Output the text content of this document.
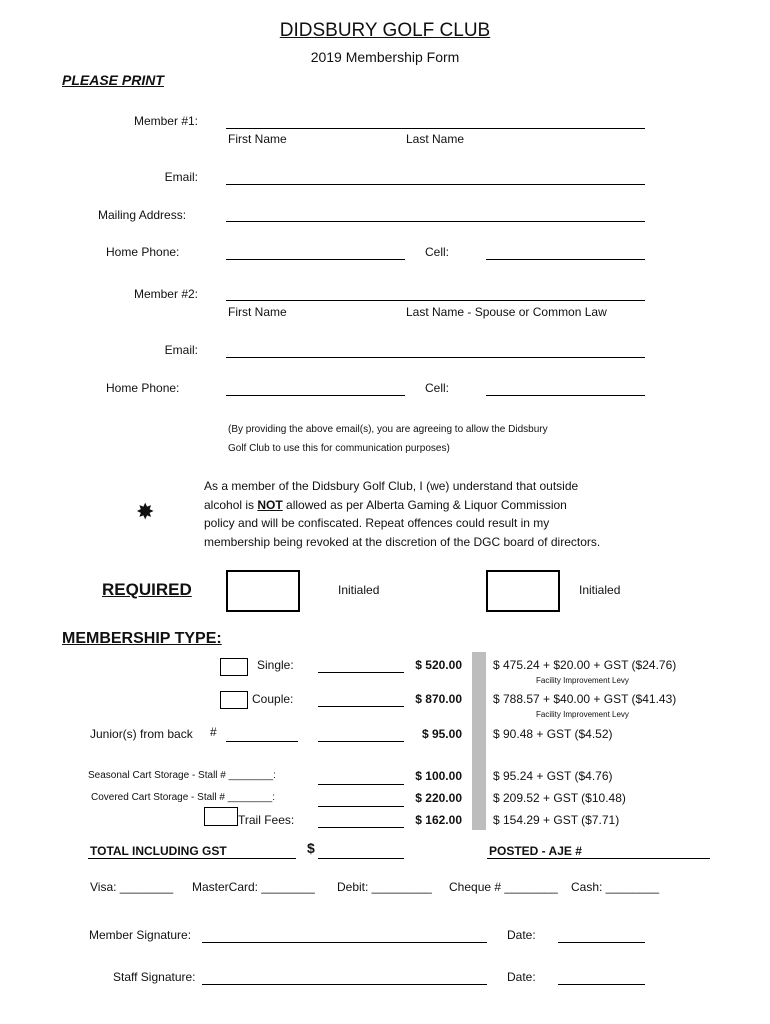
DIDSBURY GOLF CLUB
2019 Membership Form
PLEASE PRINT
Member #1:
First Name	Last Name
Email:
Mailing Address:
Home Phone:	Cell:
Member #2:
First Name	Last Name - Spouse or Common Law
Email:
Home Phone:	Cell:
(By providing the above email(s), you are agreeing to allow the Didsbury
Golf Club to use this for communication purposes)
✸
As a member of the Didsbury Golf Club, I (we) understand that outside
alcohol is NOT allowed as per Alberta Gaming & Liquor Commission
policy and will be confiscated. Repeat offences could result in my
membership being revoked at the discretion of the DGC board of directors.
REQUIRED	Initialed	Initialed
MEMBERSHIP TYPE:
Single:	$ 520.00	$ 475.24 + $20.00 + GST ($24.76)
Facility Improvement Levy
Couple:	$ 870.00	$ 788.57 + $40.00 + GST ($41.43)
Facility Improvement Levy
Junior(s) from back #	$ 95.00	$ 90.48 + GST ($4.52)
Seasonal Cart Storage - Stall # ________:	$ 100.00	$ 95.24 + GST ($4.76)
Covered Cart Storage - Stall # ________:	$ 220.00	$ 209.52 + GST ($10.48)
Trail Fees:	$ 162.00	$ 154.29 + GST ($7.71)
TOTAL INCLUDING GST	$	POSTED - AJE #
Visa: ________ MasterCard: ________ Debit: _________ Cheque # ________ Cash: ________
Member Signature:	Date:
Staff Signature:	Date:
